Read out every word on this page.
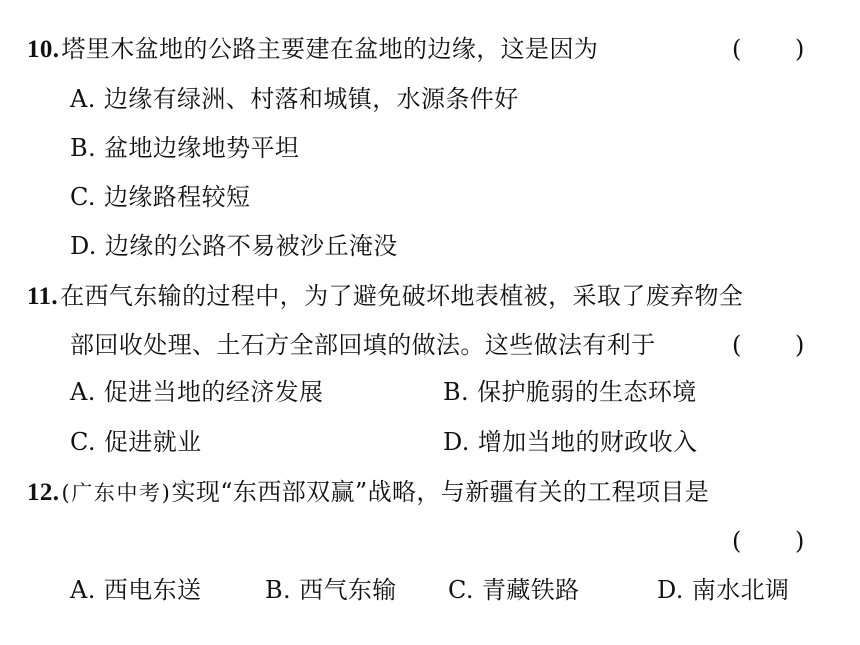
10.塔里木盆地的公路主要建在盆地的边缘，这是因为	( )
A. 边缘有绿洲、村落和城镇，水源条件好
B. 盆地边缘地势平坦
C. 边缘路程较短
D. 边缘的公路不易被沙丘淹没
11.在西气东输的过程中，为了避免破坏地表植被，采取了废弃物全
部回收处理、土石方全部回填的做法。这些做法有利于	( )
A. 促进当地的经济发展	B. 保护脆弱的生态环境
C. 促进就业	D. 增加当地的财政收入
12.(广东中考)实现“东西部双赢”战略，与新疆有关的工程项目是
( )
A. 西电东送	B. 西气东输 C. 青藏铁路	D. 南水北调
